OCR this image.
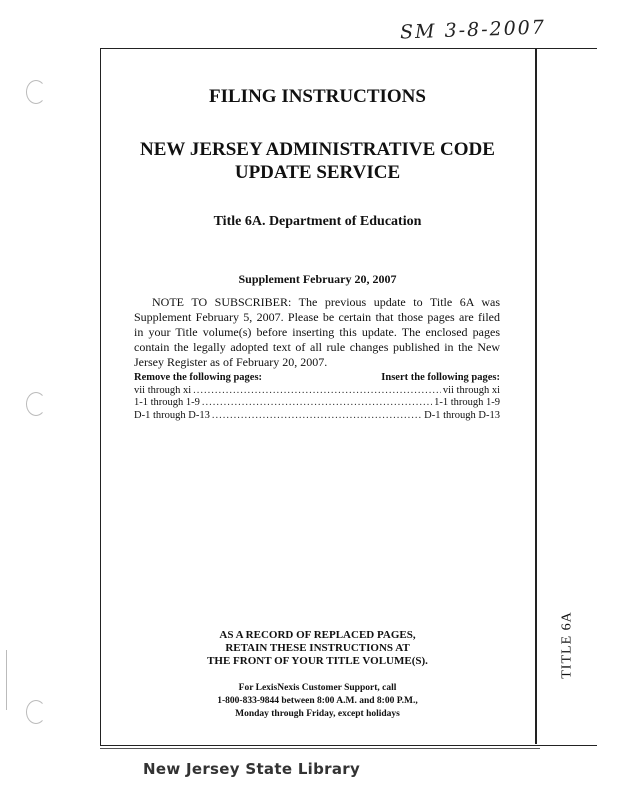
SM 3-8-2007
FILING INSTRUCTIONS
NEW JERSEY ADMINISTRATIVE CODE
UPDATE SERVICE
Title 6A. Department of Education
Supplement February 20, 2007
NOTE TO SUBSCRIBER: The previous update to Title 6A was
Supplement February 5, 2007. Please be certain that those pages are filed
in your Title volume(s) before inserting this update. The enclosed pages
contain the legally adopted text of all rule changes published in the New
Jersey Register as of February 20, 2007.
Remove the following pages:	Insert the following pages:
vii through xi .....	vii through xi
1-1 through 1-9 .....	1-1 through 1-9
D-1 through D-13 .....	D-1 through D-13
AS A RECORD OF REPLACED PAGES,
RETAIN THESE INSTRUCTIONS AT
THE FRONT OF YOUR TITLE VOLUME(S).
For LexisNexis Customer Support, call
1-800-833-9844 between 8:00 A.M. and 8:00 P.M.,
Monday through Friday, except holidays
TITLE 6A
New Jersey State Library
